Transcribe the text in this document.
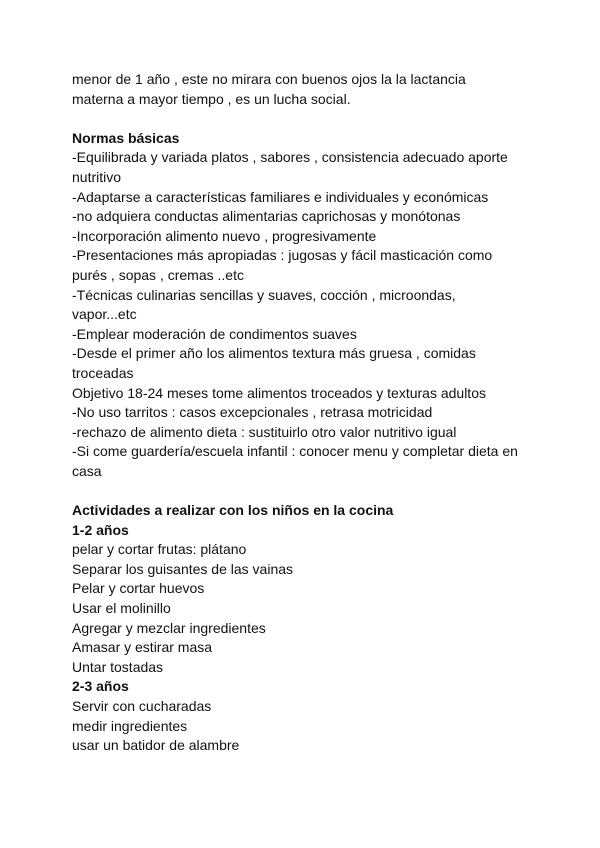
menor de 1 año , este no mirara con buenos ojos la la lactancia
materna a mayor tiempo , es un lucha social.
Normas básicas
-Equilibrada y variada platos , sabores , consistencia adecuado aporte
nutritivo
-Adaptarse a características familiares e individuales y económicas
-no adquiera conductas alimentarias caprichosas y monótonas
-Incorporación alimento nuevo , progresivamente
-Presentaciones más apropiadas : jugosas y fácil masticación como
purés , sopas , cremas ..etc
-Técnicas culinarias sencillas y suaves, cocción , microondas,
vapor...etc
-Emplear moderación de condimentos suaves
-Desde el primer año los alimentos textura más gruesa , comidas
troceadas
Objetivo 18-24 meses tome alimentos troceados y texturas adultos
-No uso tarritos : casos excepcionales , retrasa motricidad
-rechazo de alimento dieta : sustituirlo otro valor nutritivo igual
-Si come guardería/escuela infantil : conocer menu y completar dieta en
casa
Actividades a realizar con los niños en la cocina
1-2 años
pelar y cortar frutas: plátano
Separar los guisantes de las vainas
Pelar y cortar huevos
Usar el molinillo
Agregar y mezclar ingredientes
Amasar y estirar masa
Untar tostadas
2-3 años
Servir con cucharadas
medir ingredientes
usar un batidor de alambre
